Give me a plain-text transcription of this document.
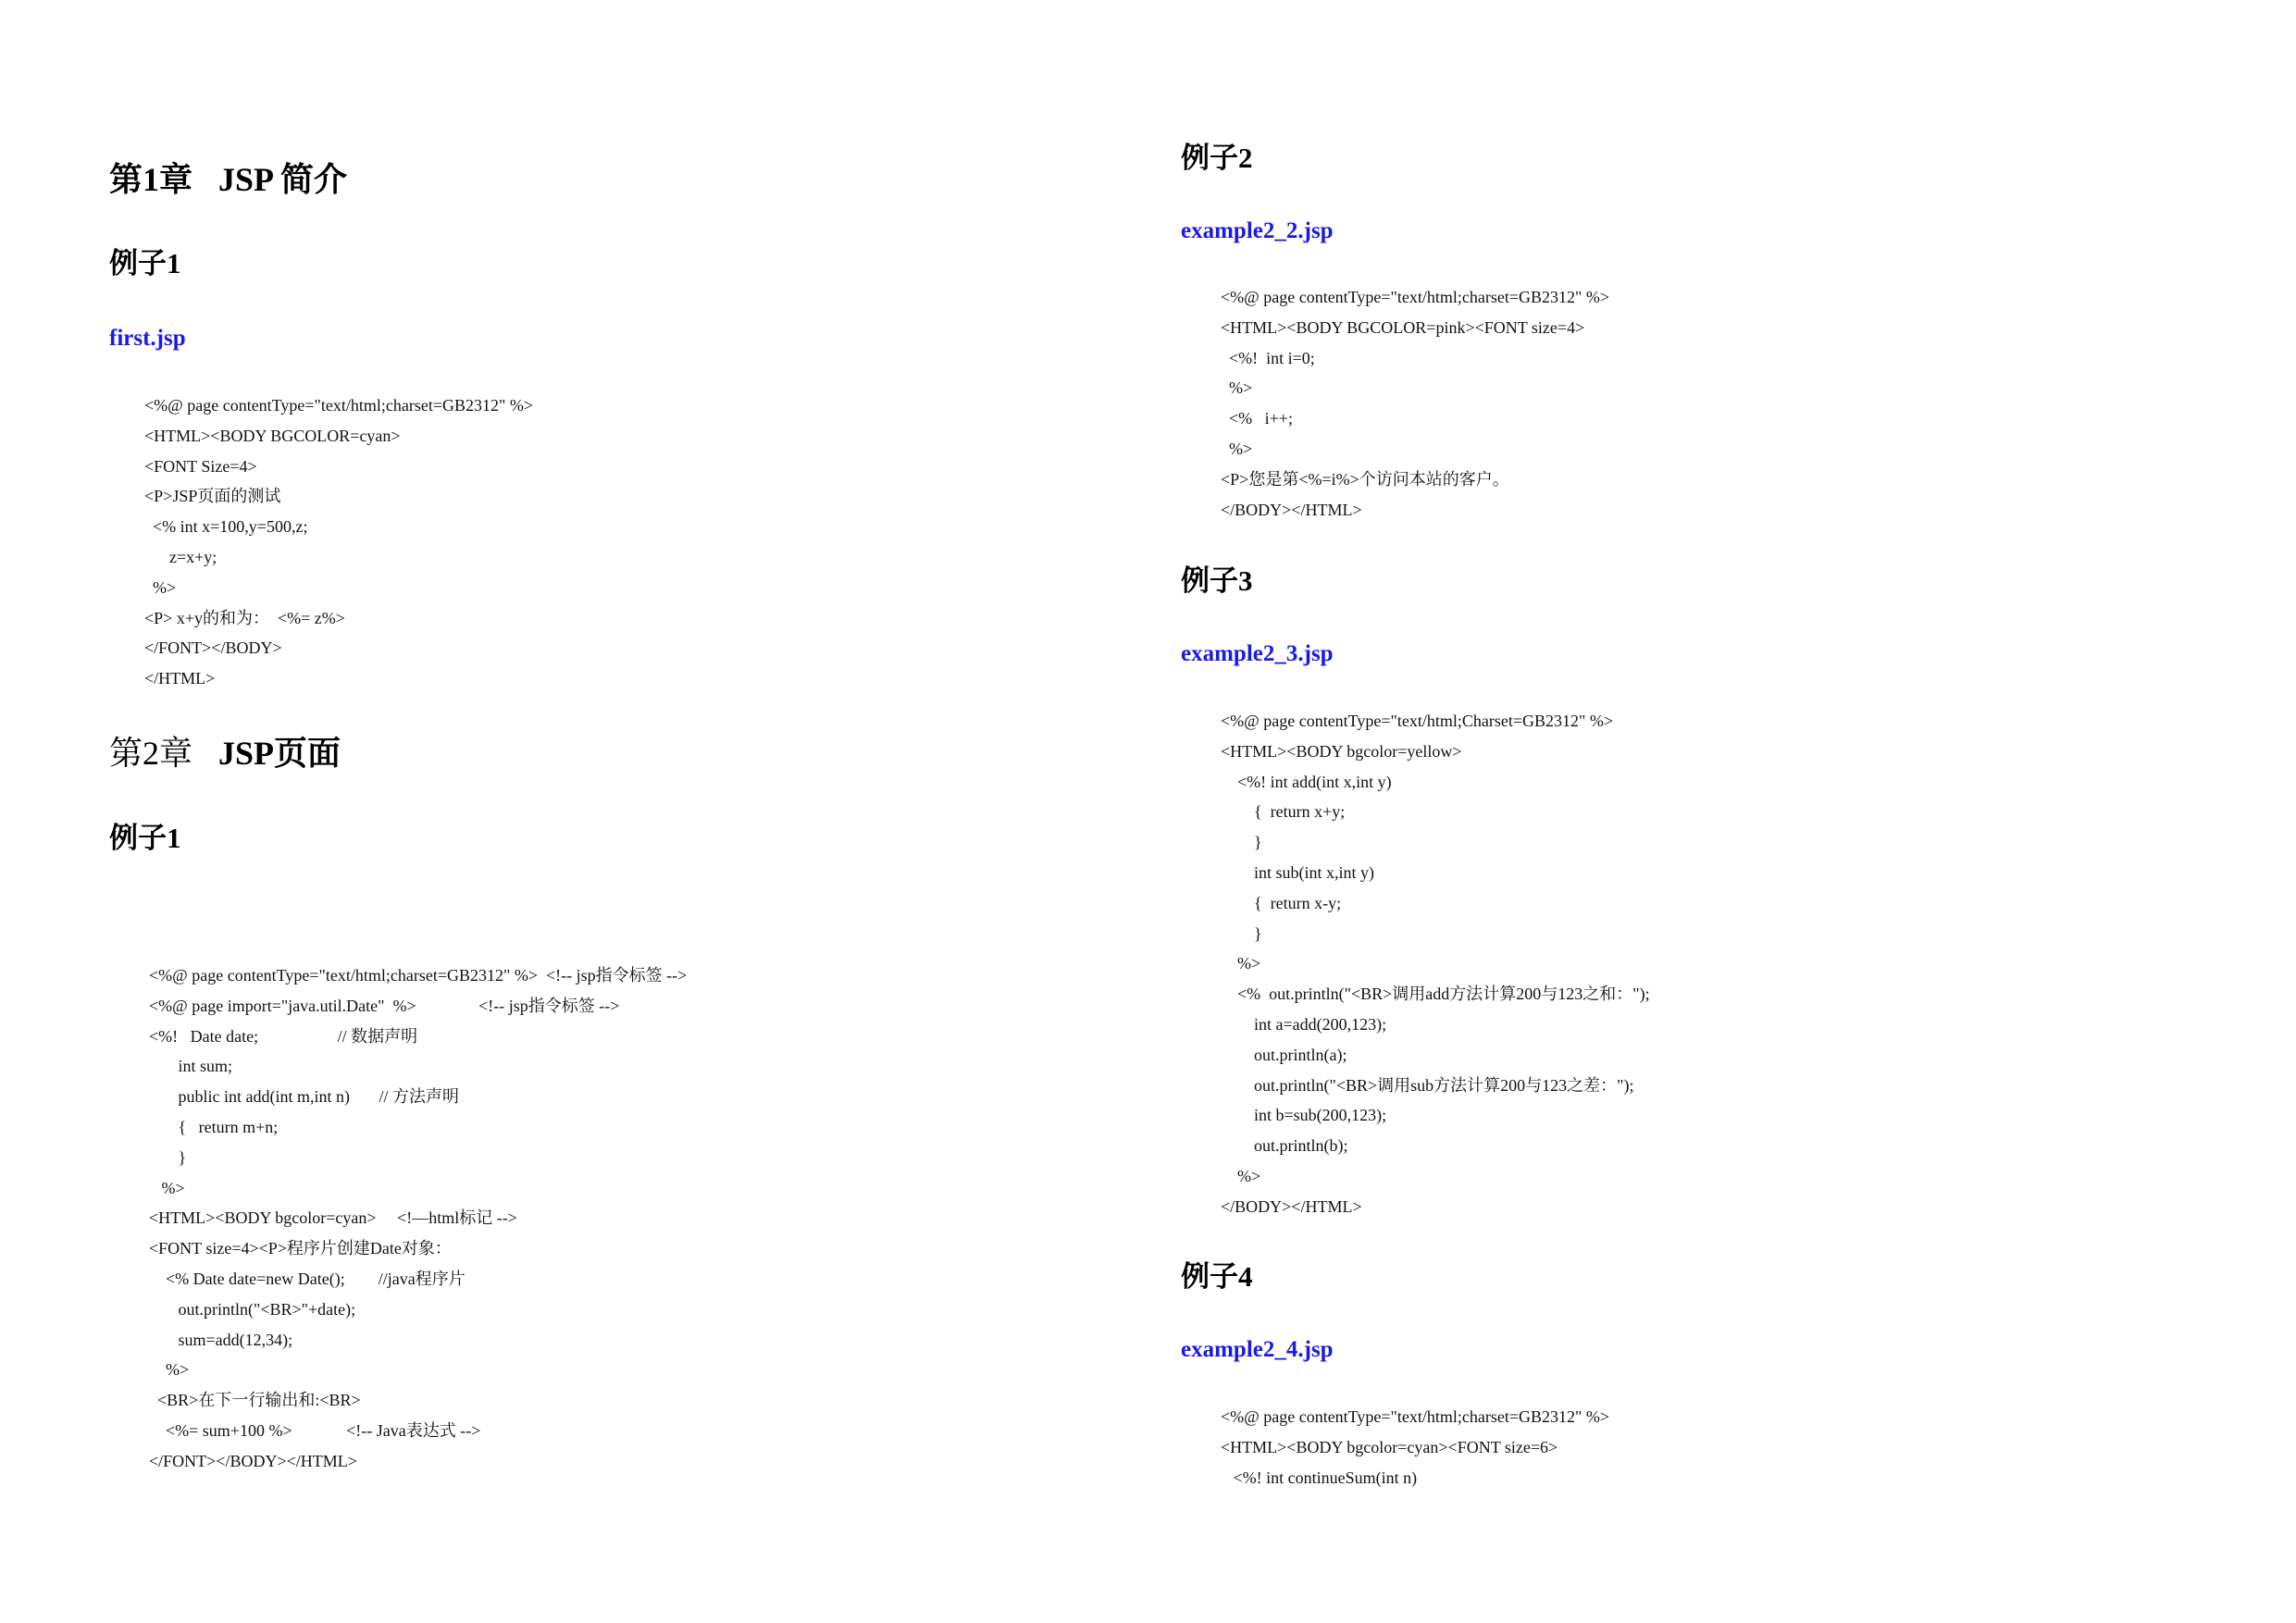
第1章 JSP 简介
例子1
first.jsp
<%@ page contentType="text/html;charset=GB2312" %>
<HTML><BODY BGCOLOR=cyan>
<FONT Size=4>
<P>JSP页面的测试
<% int x=100,y=500,z;
z=x+y;
%>
<P> x+y的和为：  <%= z%>
</FONT></BODY>
</HTML>
第2章 JSP页面
例子1
<%@ page contentType="text/html;charset=GB2312" %>  <!-- jsp指令标签 -->
<%@ page import="java.util.Date"  %>               <!-- jsp指令标签 -->
<%!   Date date;                   // 数据声明
int sum;
public int add(int m,int n)       // 方法声明
{   return m+n;
}
%>
<HTML><BODY bgcolor=cyan>     <!—html标记 -->
<FONT size=4><P>程序片创建Date对象：
<% Date date=new Date();        //java程序片
out.println("<BR>"+date);
sum=add(12,34);
%>
<BR>在下一行输出和:<BR>
<%= sum+100 %>             <!-- Java表达式 -->
</FONT></BODY></HTML>
例子2
example2_2.jsp
<%@ page contentType="text/html;charset=GB2312" %>
<HTML><BODY BGCOLOR=pink><FONT size=4>
<%!  int i=0;
%>
<%   i++;
%>
<P>您是第<%=i%>个访问本站的客户。
</BODY></HTML>
例子3
example2_3.jsp
<%@ page contentType="text/html;Charset=GB2312" %>
<HTML><BODY bgcolor=yellow>
<%! int add(int x,int y)
{  return x+y;
}
int sub(int x,int y)
{  return x-y;
}
%>
<%  out.println("<BR>调用add方法计算200与123之和：");
int a=add(200,123);
out.println(a);
out.println("<BR>调用sub方法计算200与123之差：");
int b=sub(200,123);
out.println(b);
%>
</BODY></HTML>
例子4
example2_4.jsp
<%@ page contentType="text/html;charset=GB2312" %>
<HTML><BODY bgcolor=cyan><FONT size=6>
<%! int continueSum(int n)
